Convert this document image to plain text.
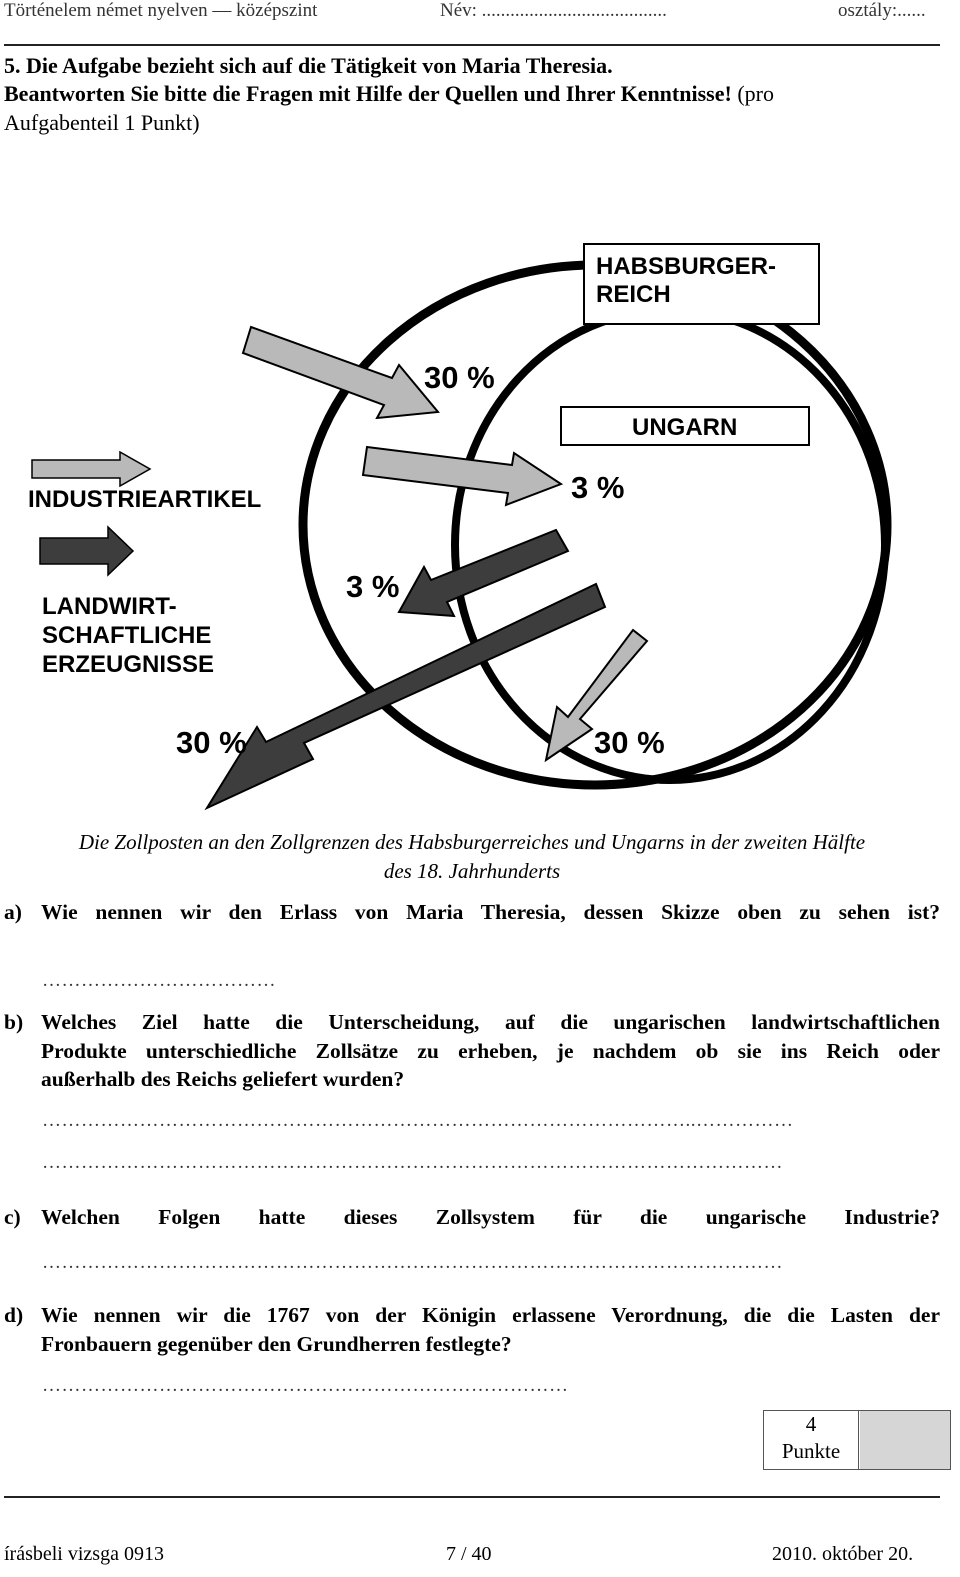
Történelem német nyelven — középszint	Név: .......................................	osztály:......
5. Die Aufgabe bezieht sich auf die Tätigkeit von Maria Theresia.
Beantworten Sie bitte die Fragen mit Hilfe der Quellen und Ihrer Kenntnisse! (pro
Aufgabenteil 1 Punkt)
HABSBURGER-
REICH
UNGARN
INDUSTRIEARTIKEL
LANDWIRT-
SCHAFTLICHE
ERZEUGNISSE
30 %
3 %
3 %
30 %	30 %
Die Zollposten an den Zollgrenzen des Habsburgerreiches und Ungarns in der zweiten Hälfte
des 18. Jahrhunderts
a) Wie nennen wir den Erlass von Maria Theresia, dessen Skizze oben zu sehen ist?
………………………………
b) Welches Ziel hatte die Unterscheidung, auf die ungarischen landwirtschaftlichen
Produkte unterschiedliche Zollsätze zu erheben, je nachdem ob sie ins Reich oder
außerhalb des Reichs geliefert wurden?
………………………………………………………………………………………..……………
……………………………………………………………………………………………………
c) Welchen Folgen hatte dieses Zollsystem für die ungarische Industrie?
……………………………………………………………………………………………………
d) Wie nennen wir die 1767 von der Königin erlassene Verordnung, die die Lasten der
Fronbauern gegenüber den Grundherren festlegte?
………………………………………………………………………
4
Punkte
írásbeli vizsga 0913	7 / 40	2010. október 20.
